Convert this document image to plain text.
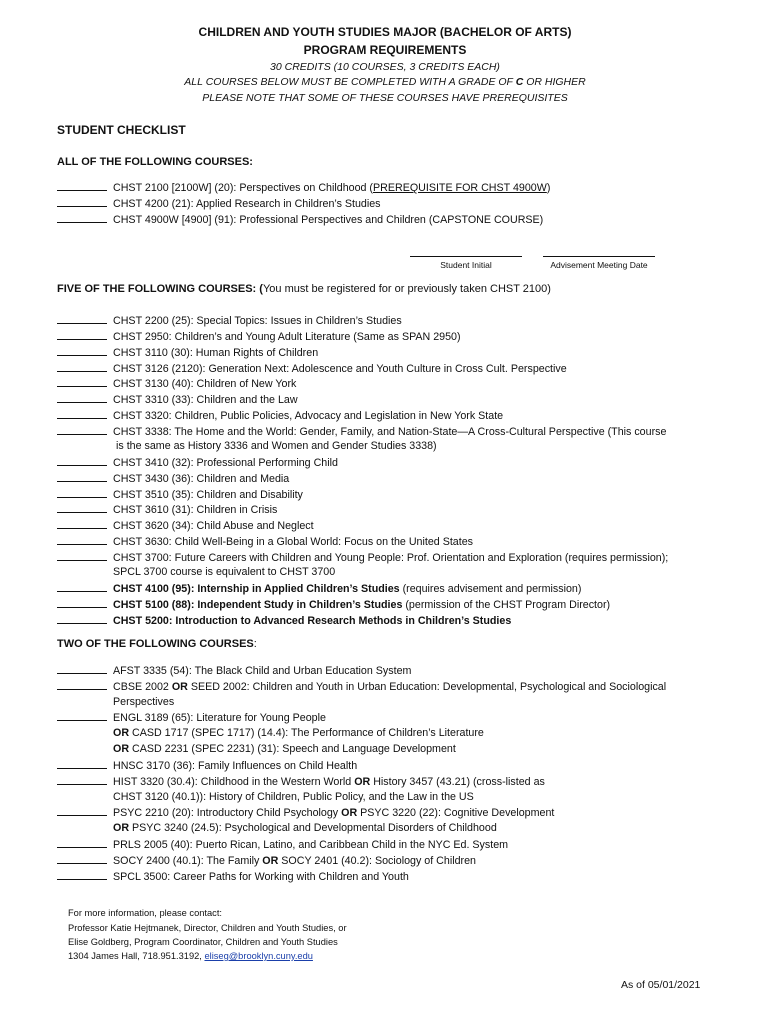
CHILDREN AND YOUTH STUDIES MAJOR (BACHELOR OF ARTS)
PROGRAM REQUIREMENTS
30 CREDITS (10 COURSES, 3 CREDITS EACH)
ALL COURSES BELOW MUST BE COMPLETED WITH A GRADE OF C OR HIGHER
PLEASE NOTE THAT SOME OF THESE COURSES HAVE PREREQUISITES
STUDENT CHECKLIST
ALL OF THE FOLLOWING COURSES:
CHST 2100 [2100W] (20): Perspectives on Childhood (PREREQUISITE FOR CHST 4900W)
CHST 4200 (21): Applied Research in Children’s Studies
CHST 4900W [4900] (91): Professional Perspectives and Children (CAPSTONE COURSE)
Student Initial	Advisement Meeting Date
FIVE OF THE FOLLOWING COURSES: (You must be registered for or previously taken CHST 2100)
CHST 2200 (25): Special Topics: Issues in Children’s Studies
CHST 2950: Children’s and Young Adult Literature (Same as SPAN 2950)
CHST 3110 (30): Human Rights of Children
CHST 3126 (2120): Generation Next: Adolescence and Youth Culture in Cross Cult. Perspective
CHST 3130 (40): Children of New York
CHST 3310 (33): Children and the Law
CHST 3320: Children, Public Policies, Advocacy and Legislation in New York State
CHST 3338: The Home and the World: Gender, Family, and Nation-State—A Cross-Cultural Perspective (This course
is the same as History 3336 and Women and Gender Studies 3338)
CHST 3410 (32): Professional Performing Child
CHST 3430 (36): Children and Media
CHST 3510 (35): Children and Disability
CHST 3610 (31): Children in Crisis
CHST 3620 (34): Child Abuse and Neglect
CHST 3630: Child Well-Being in a Global World: Focus on the United States
CHST 3700: Future Careers with Children and Young People: Prof. Orientation and Exploration (requires permission);
SPCL 3700 course is equivalent to CHST 3700
CHST 4100 (95): Internship in Applied Children’s Studies (requires advisement and permission)
CHST 5100 (88): Independent Study in Children’s Studies (permission of the CHST Program Director)
CHST 5200: Introduction to Advanced Research Methods in Children’s Studies
TWO OF THE FOLLOWING COURSES:
AFST 3335 (54): The Black Child and Urban Education System
CBSE 2002 OR SEED 2002: Children and Youth in Urban Education: Developmental, Psychological and Sociological
Perspectives
ENGL 3189 (65): Literature for Young People
OR CASD 1717 (SPEC 1717) (14.4): The Performance of Children’s Literature
OR CASD 2231 (SPEC 2231) (31): Speech and Language Development
HNSC 3170 (36): Family Influences on Child Health
HIST 3320 (30.4): Childhood in the Western World OR History 3457 (43.21) (cross-listed as
CHST 3120 (40.1)): History of Children, Public Policy, and the Law in the US
PSYC 2210 (20): Introductory Child Psychology OR PSYC 3220 (22): Cognitive Development
OR PSYC 3240 (24.5): Psychological and Developmental Disorders of Childhood
PRLS 2005 (40): Puerto Rican, Latino, and Caribbean Child in the NYC Ed. System
SOCY 2400 (40.1): The Family OR SOCY 2401 (40.2): Sociology of Children
SPCL 3500: Career Paths for Working with Children and Youth
For more information, please contact:
Professor Katie Hejtmanek, Director, Children and Youth Studies, or
Elise Goldberg, Program Coordinator, Children and Youth Studies
1304 James Hall, 718.951.3192, eliseg@brooklyn.cuny.edu
As of 05/01/2021
